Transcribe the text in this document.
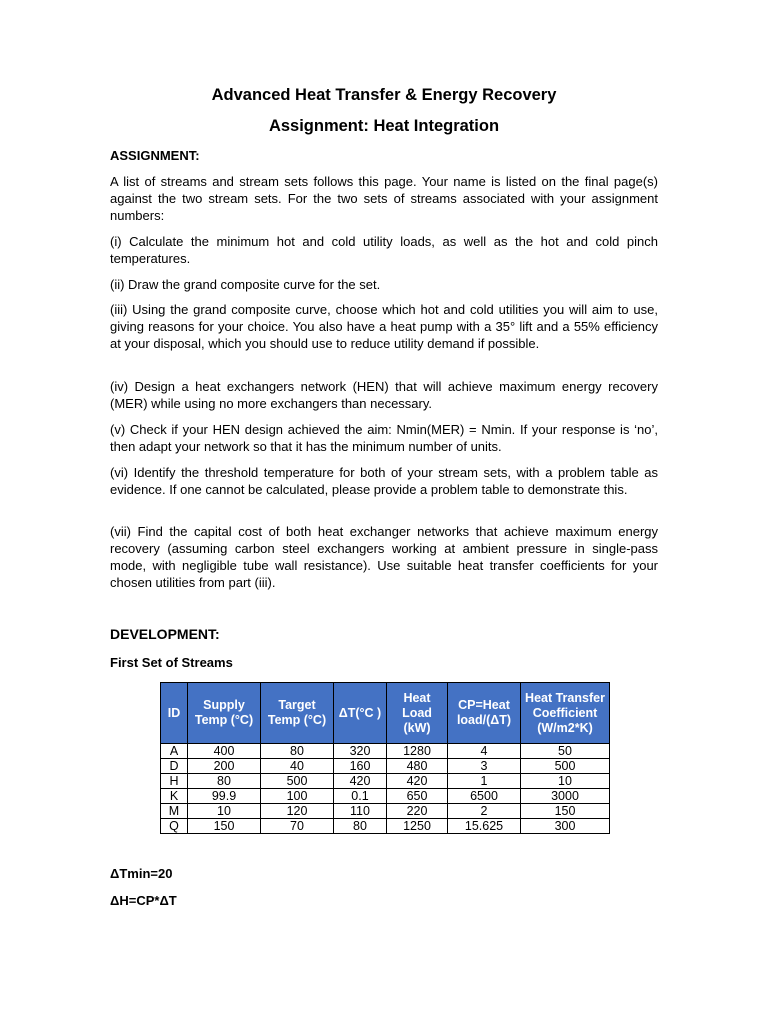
Advanced Heat Transfer & Energy Recovery
Assignment: Heat Integration
ASSIGNMENT:
A list of streams and stream sets follows this page. Your name is listed on the final page(s) against the two stream sets. For the two sets of streams associated with your assignment numbers:
(i) Calculate the minimum hot and cold utility loads, as well as the hot and cold pinch temperatures.
(ii) Draw the grand composite curve for the set.
(iii) Using the grand composite curve, choose which hot and cold utilities you will aim to use, giving reasons for your choice. You also have a heat pump with a 35° lift and a 55% efficiency at your disposal, which you should use to reduce utility demand if possible.
(iv) Design a heat exchangers network (HEN) that will achieve maximum energy recovery (MER) while using no more exchangers than necessary.
(v) Check if your HEN design achieved the aim: Nmin(MER) = Nmin. If your response is ‘no’, then adapt your network so that it has the minimum number of units.
(vi) Identify the threshold temperature for both of your stream sets, with a problem table as evidence. If one cannot be calculated, please provide a problem table to demonstrate this.
(vii) Find the capital cost of both heat exchanger networks that achieve maximum energy recovery (assuming carbon steel exchangers working at ambient pressure in single-pass mode, with negligible tube wall resistance). Use suitable heat transfer coefficients for your chosen utilities from part (iii).
DEVELOPMENT:
First Set of Streams
ID	Supply Temp (°C)	Target Temp (°C)	ΔT(°C )	Heat Load (kW)	CP=Heat load/(ΔT)	Heat Transfer Coefficient (W/m2*K)
A	400	80	320	1280	4	50
D	200	40	160	480	3	500
H	80	500	420	420	1	10
K	99.9	100	0.1	650	6500	3000
M	10	120	110	220	2	150
Q	150	70	80	1250	15.625	300
ΔTmin=20
ΔH=CP*ΔT
